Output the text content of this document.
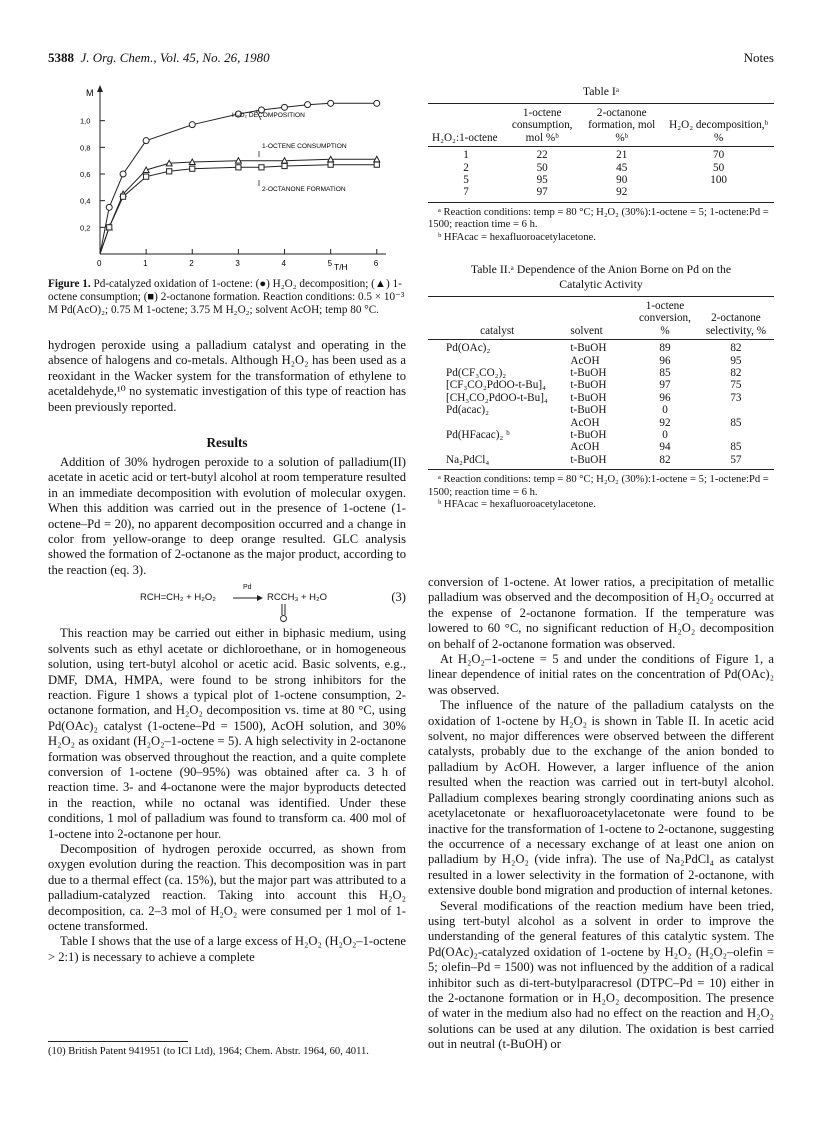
5388 J. Org. Chem., Vol. 45, No. 26, 1980	Notes
0	1	2	3	4	5	6
0,2
0,4
0,6
0,8
1,0
M
T/H
H₂O₂ DECOMPOSITION
1-OCTENE CONSUMPTION
2-OCTANONE FORMATION
Figure 1. Pd-catalyzed oxidation of 1-octene: (●) H₂O₂ decomposition; (▲) 1-octene consumption; (■) 2-octanone formation. Reaction conditions: 0.5 × 10⁻³ M Pd(AcO)₂; 0.75 M 1-octene; 3.75 M H₂O₂; solvent AcOH; temp 80 °C.

hydrogen peroxide using a palladium catalyst and operating in the absence of halogens and co-metals. Although H₂O₂ has been used as a reoxidant in the Wacker system for the transformation of ethylene to acetaldehyde,¹⁰ no systematic investigation of this type of reaction has been previously reported.

Results

Addition of 30% hydrogen peroxide to a solution of palladium(II) acetate in acetic acid or tert-butyl alcohol at room temperature resulted in an immediate decomposition with evolution of molecular oxygen. When this addition was carried out in the presence of 1-octene (1-octene–Pd = 20), no apparent decomposition occurred and a change in color from yellow-orange to deep orange resulted. GLC analysis showed the formation of 2-octanone as the major product, according to the reaction (eq. 3).

RCH=CH₂ + H₂O₂
Pd
→ RCCH₃ + H₂O	(3)

This reaction may be carried out either in biphasic medium, using solvents such as ethyl acetate or dichloroethane, or in homogeneous solution, using tert-butyl alcohol or acetic acid. Basic solvents, e.g., DMF, DMA, HMPA, were found to be strong inhibitors for the reaction. Figure 1 shows a typical plot of 1-octene consumption, 2-octanone formation, and H₂O₂ decomposition vs. time at 80 °C, using Pd(OAc)₂ catalyst (1-octene–Pd = 1500), AcOH solution, and 30% H₂O₂ as oxidant (H₂O₂–1-octene = 5). A high selectivity in 2-octanone formation was observed throughout the reaction, and a quite complete conversion of 1-octene (90–95%) was obtained after ca. 3 h of reaction time. 3- and 4-octanone were the major byproducts detected in the reaction, while no octanal was identified. Under these conditions, 1 mol of palladium was found to transform ca. 400 mol of 1-octene into 2-octanone per hour.

Decomposition of hydrogen peroxide occurred, as shown from oxygen evolution during the reaction. This decomposition was in part due to a thermal effect (ca. 15%), but the major part was attributed to a palladium-catalyzed reaction. Taking into account this H₂O₂ decomposition, ca. 2–3 mol of H₂O₂ were consumed per 1 mol of 1-octene transformed.

Table I shows that the use of a large excess of H₂O₂ (H₂O₂–1-octene > 2:1) is necessary to achieve a complete

(10) British Patent 941951 (to ICI Ltd), 1964; Chem. Abstr. 1964, 60, 4011.
Table Iᵃ
H₂O₂:1-octene	1-octene consumption, mol %ᵇ	2-octanone formation, mol %ᵇ	H₂O₂ decomposition,ᵇ %

1	22	21	70
2	50	45	50
5	95	90	100
7	97	92	
ᵃ Reaction conditions: temp = 80 °C; H₂O₂ (30%):1-octene = 5; 1-octene:Pd = 1500; reaction time = 6 h.
ᵇ HFAcac = hexafluoroacetylacetone.
Table II.ᵃ Dependence of the Anion Borne on Pd on the Catalytic Activity
catalyst	solvent	1-octene conversion, %	2-octanone selectivity, %

Pd(OAc)₂	t-BuOH	89	82
	AcOH	96	95
Pd(CF₃CO₂)₂	t-BuOH	85	82
[CF₃CO₂PdOO-t-Bu]₄	t-BuOH	97	75
[CH₃CO₂PdOO-t-Bu]₄	t-BuOH	96	73
Pd(acac)₂	t-BuOH	0	
	AcOH	92	85
Pd(HFacac)₂ ᵇ	t-BuOH	0	
	AcOH	94	85
Na₂PdCl₄	t-BuOH	82	57
ᵃ Reaction conditions: temp = 80 °C; H₂O₂ (30%):1-octene = 5; 1-octene:Pd = 1500; reaction time = 6 h.
ᵇ HFAcac = hexafluoroacetylacetone.

conversion of 1-octene. At lower ratios, a precipitation of metallic palladium was observed and the decomposition of H₂O₂ occurred at the expense of 2-octanone formation. If the temperature was lowered to 60 °C, no significant reduction of H₂O₂ decomposition on behalf of 2-octanone formation was observed.

At H₂O₂–1-octene = 5 and under the conditions of Figure 1, a linear dependence of initial rates on the concentration of Pd(OAc)₂ was observed.

The influence of the nature of the palladium catalysts on the oxidation of 1-octene by H₂O₂ is shown in Table II. In acetic acid solvent, no major differences were observed between the different catalysts, probably due to the exchange of the anion bonded to palladium by AcOH. However, a larger influence of the anion resulted when the reaction was carried out in tert-butyl alcohol. Palladium complexes bearing strongly coordinating anions such as acetylacetonate or hexafluoroacetylacetonate were found to be inactive for the transformation of 1-octene to 2-octanone, suggesting the occurrence of a necessary exchange of at least one anion on palladium by H₂O₂ (vide infra). The use of Na₂PdCl₄ as catalyst resulted in a lower selectivity in the formation of 2-octanone, with extensive double bond migration and production of internal ketones.

Several modifications of the reaction medium have been tried, using tert-butyl alcohol as a solvent in order to improve the understanding of the general features of this catalytic system. The Pd(OAc)₂-catalyzed oxidation of 1-octene by H₂O₂ (H₂O₂–olefin = 5; olefin–Pd = 1500) was not influenced by the addition of a radical inhibitor such as di-tert-butylparacresol (DTPC–Pd = 10) either in the 2-octanone formation or in H₂O₂ decomposition. The presence of water in the medium also had no effect on the reaction and H₂O₂ solutions can be used at any dilution. The oxidation is best carried out in neutral (t-BuOH) or
